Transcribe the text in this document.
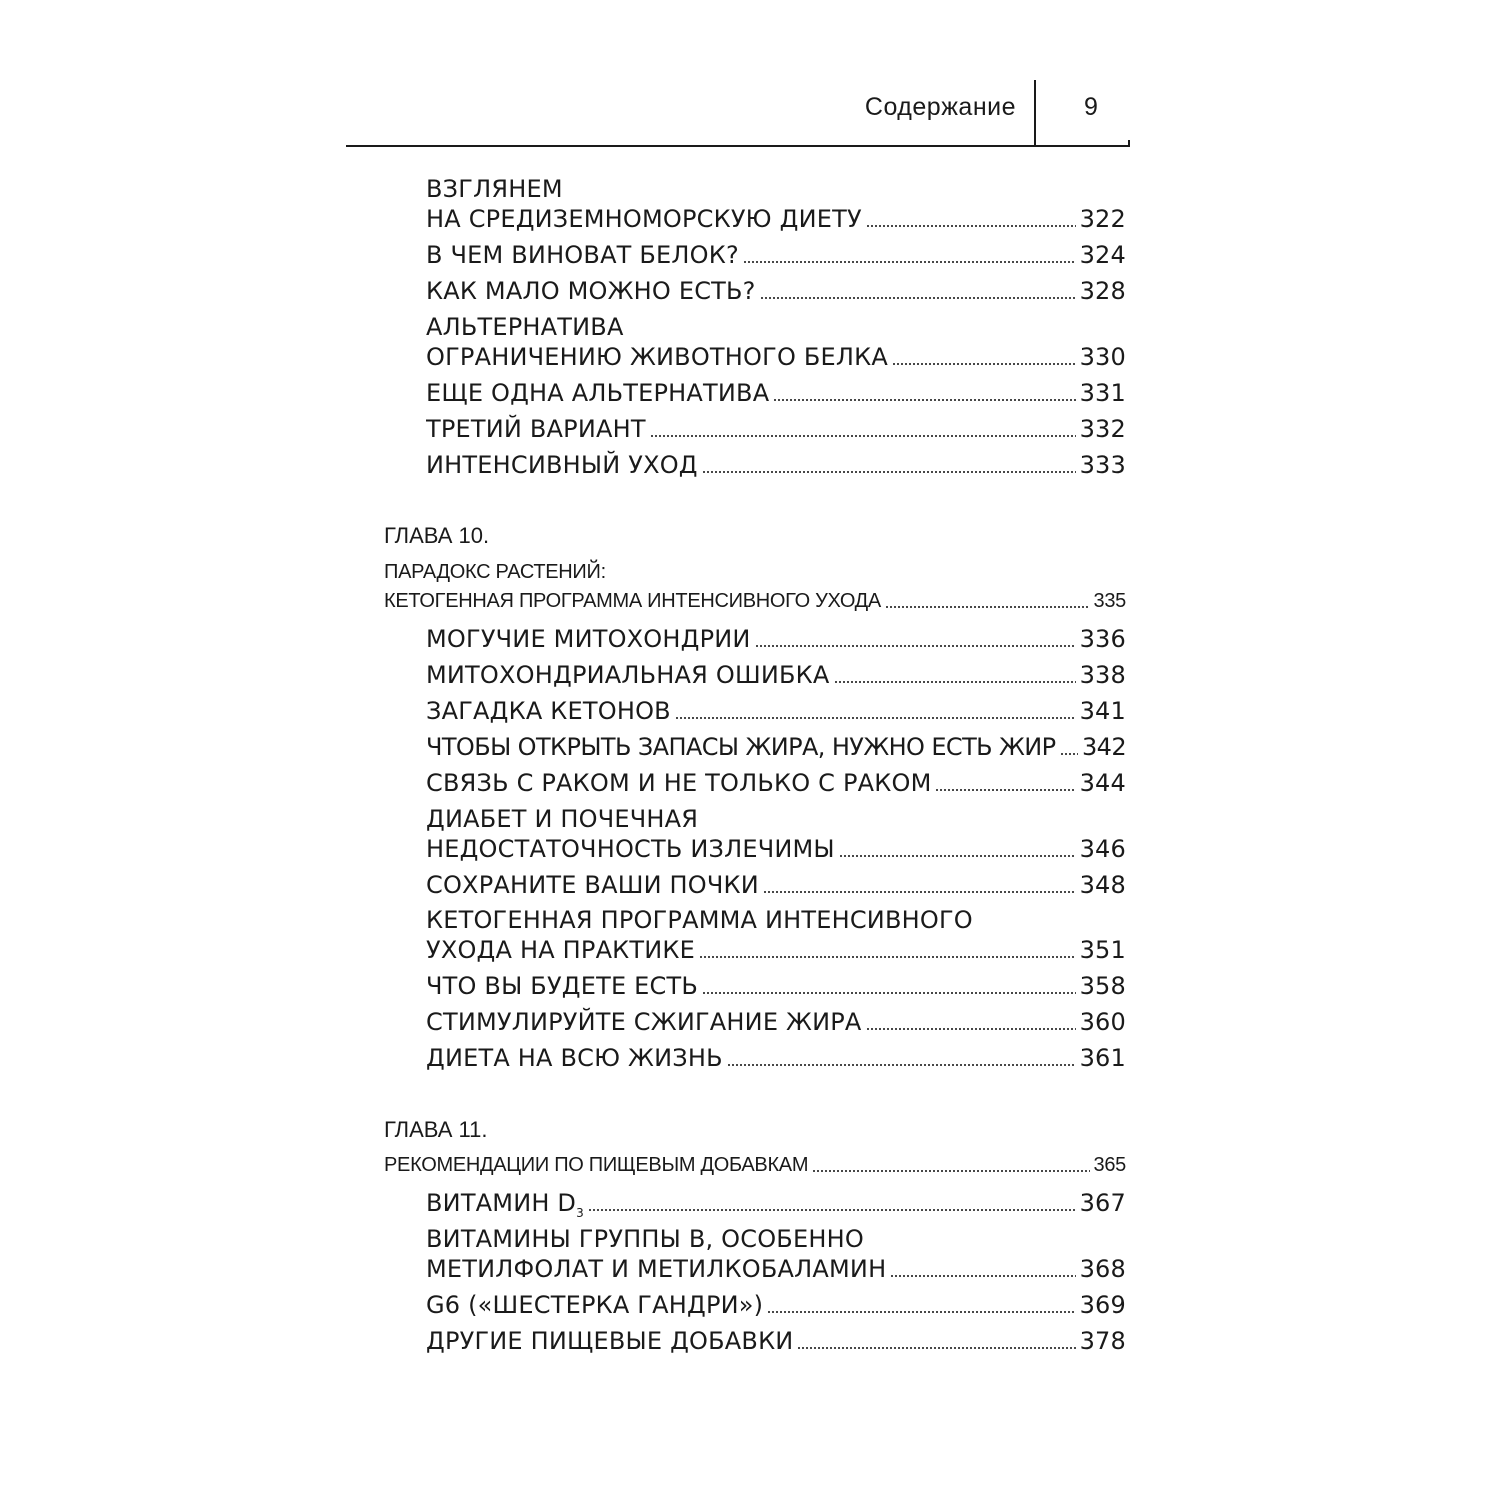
Содержание	9
ВЗГЛЯНЕМ
НА СРЕДИЗЕМНОМОРСКУЮ ДИЕТУ	322
В ЧЕМ ВИНОВАТ БЕЛОК?	324
КАК МАЛО МОЖНО ЕСТЬ?	328
АЛЬТЕРНАТИВА
ОГРАНИЧЕНИЮ ЖИВОТНОГО БЕЛКА	330
ЕЩЕ ОДНА АЛЬТЕРНАТИВА	331
ТРЕТИЙ ВАРИАНТ	332
ИНТЕНСИВНЫЙ УХОД	333
ГЛАВА 10.
ПАРАДОКС РАСТЕНИЙ:
КЕТОГЕННАЯ ПРОГРАММА ИНТЕНСИВНОГО УХОДА	335
МОГУЧИЕ МИТОХОНДРИИ	336
МИТОХОНДРИАЛЬНАЯ ОШИБКА	338
ЗАГАДКА КЕТОНОВ	341
ЧТОБЫ ОТКРЫТЬ ЗАПАСЫ ЖИРА, НУЖНО ЕСТЬ ЖИР 342
СВЯЗЬ С РАКОМ И НЕ ТОЛЬКО С РАКОМ	344
ДИАБЕТ И ПОЧЕЧНАЯ
НЕДОСТАТОЧНОСТЬ ИЗЛЕЧИМЫ	346
СОХРАНИТЕ ВАШИ ПОЧКИ	348
КЕТОГЕННАЯ ПРОГРАММА ИНТЕНСИВНОГО
УХОДА НА ПРАКТИКЕ	351
ЧТО ВЫ БУДЕТЕ ЕСТЬ	358
СТИМУЛИРУЙТЕ СЖИГАНИЕ ЖИРА	360
ДИЕТА НА ВСЮ ЖИЗНЬ	361
ГЛАВА 11.
РЕКОМЕНДАЦИИ ПО ПИЩЕВЫМ ДОБАВКАМ	365
ВИТАМИН $D_3$	367
ВИТАМИНЫ ГРУППЫ В, ОСОБЕННО
МЕТИЛФОЛАТ И МЕТИЛКОБАЛАМИН	368
G6 («ШЕСТЕРКА ГАНДРИ»)	369
ДРУГИЕ ПИЩЕВЫЕ ДОБАВКИ	378
